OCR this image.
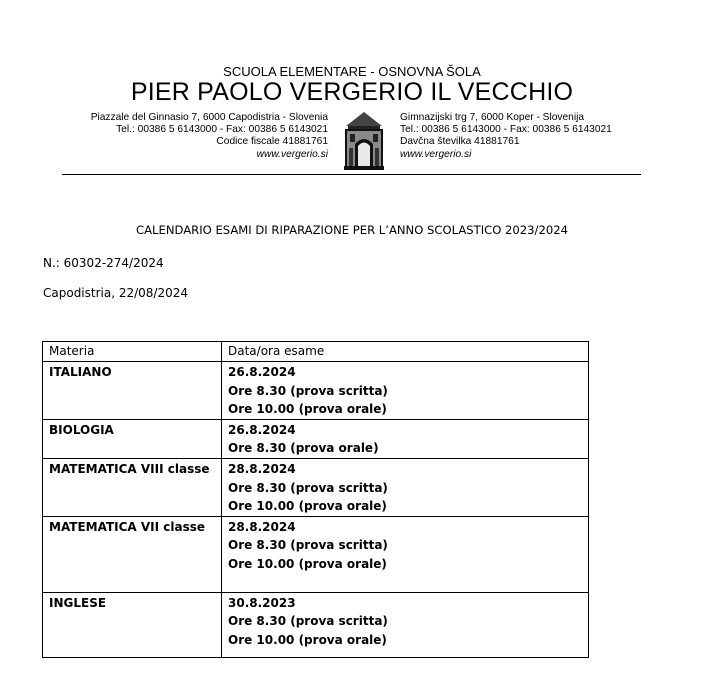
SCUOLA ELEMENTARE - OSNOVNA ŠOLA
PIER PAOLO VERGERIO IL VECCHIO
Piazzale del Ginnasio 7, 6000 Capodistria - Slovenia
Tel.: 00386 5 6143000 - Fax: 00386 5 6143021
Codice fiscale 41881761
www.vergerio.si
Gimnazijski trg 7, 6000 Koper - Slovenija
Tel.: 00386 5 6143000 - Fax: 00386 5 6143021
Davčna številka 41881761
www.vergerio.si
CALENDARIO ESAMI DI RIPARAZIONE PER L’ANNO SCOLASTICO 2023/2024
N.: 60302-274/2024
Capodistria, 22/08/2024
Materia	Data/ora esame

ITALIANO	26.8.2024
Ore 8.30 (prova scritta)
Ore 10.00 (prova orale)

BIOLOGIA	26.8.2024
Ore 8.30 (prova orale)

MATEMATICA VIII classe	28.8.2024
Ore 8.30 (prova scritta)
Ore 10.00 (prova orale)

MATEMATICA VII classe	28.8.2024
Ore 8.30 (prova scritta)
Ore 10.00 (prova orale)

INGLESE	30.8.2023
Ore 8.30 (prova scritta)
Ore 10.00 (prova orale)
